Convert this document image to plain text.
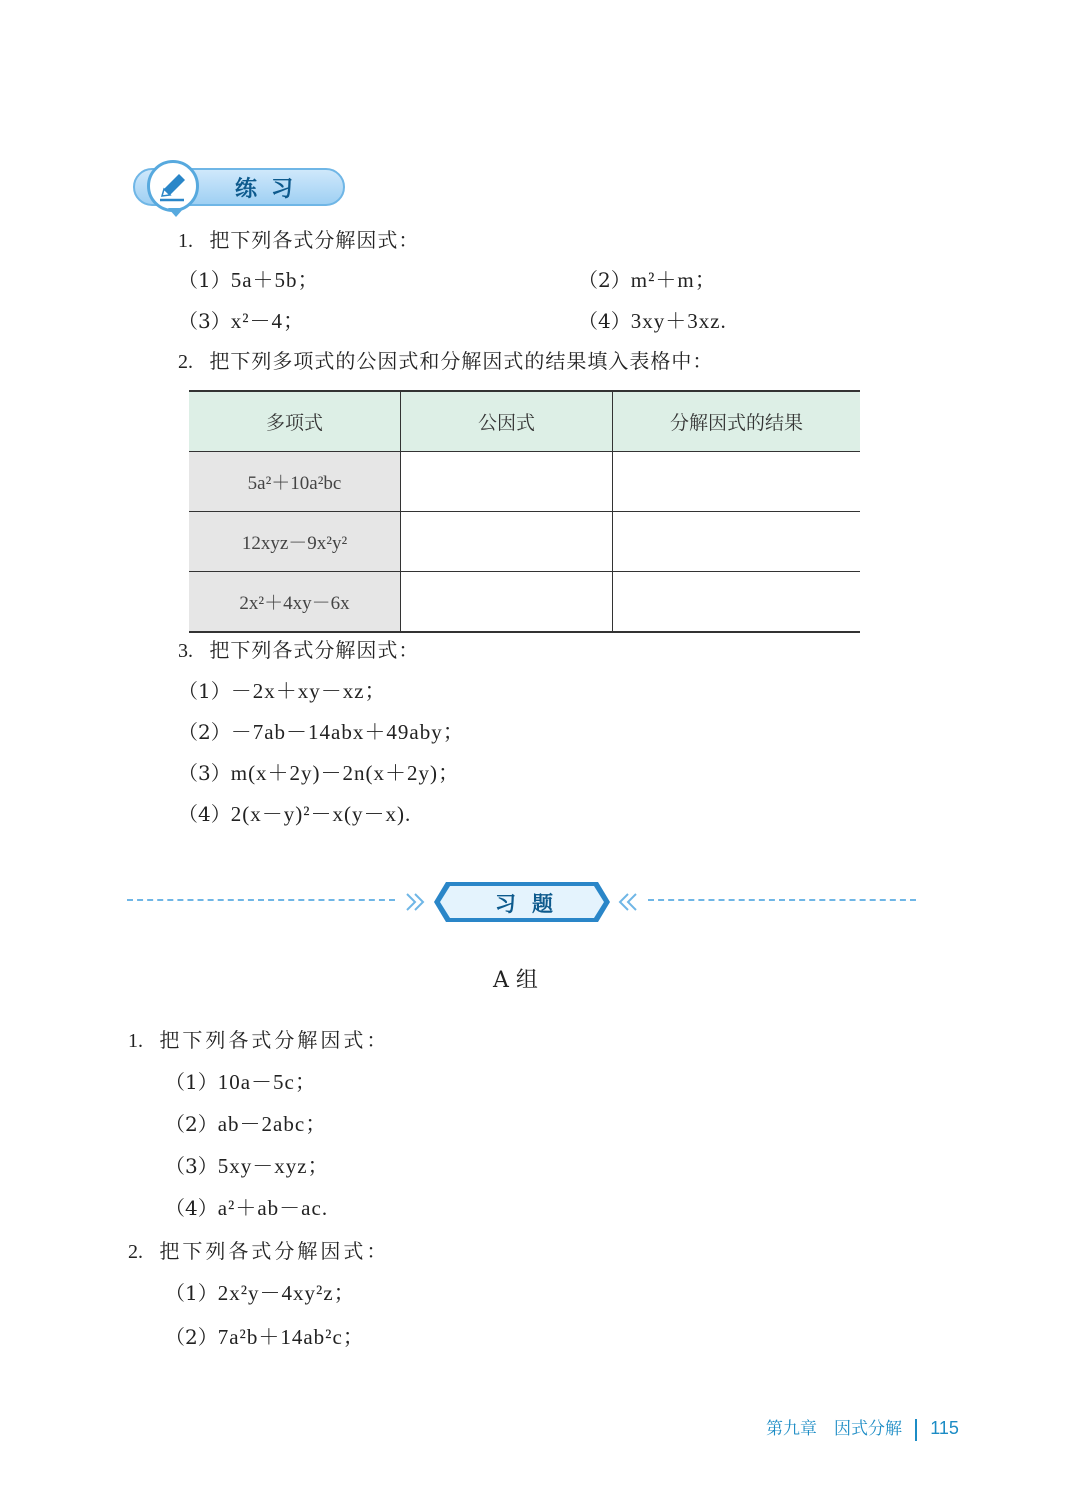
练习
1. 把下列各式分解因式：
（1）5a＋5b；	（2）m²＋m；
（3）x²－4；	（4）3xy＋3xz.
2. 把下列多项式的公因式和分解因式的结果填入表格中：
多项式	公因式	分解因式的结果
5a²＋10a²bc		
12xyz－9x²y²		
2x²＋4xy－6x		
3. 把下列各式分解因式：
（1）－2x＋xy－xz；
（2）－7ab－14abx＋49aby；
（3）m(x＋2y)－2n(x＋2y)；
（4）2(x－y)²－x(y－x).
习题
A 组
1. 把下列各式分解因式：
（1）10a－5c；
（2）ab－2abc；
（3）5xy－xyz；
（4）a²＋ab－ac.
2. 把下列各式分解因式：
（1）2x²y－4xy²z；
（2）7a²b＋14ab²c；
第九章　因式分解 115
